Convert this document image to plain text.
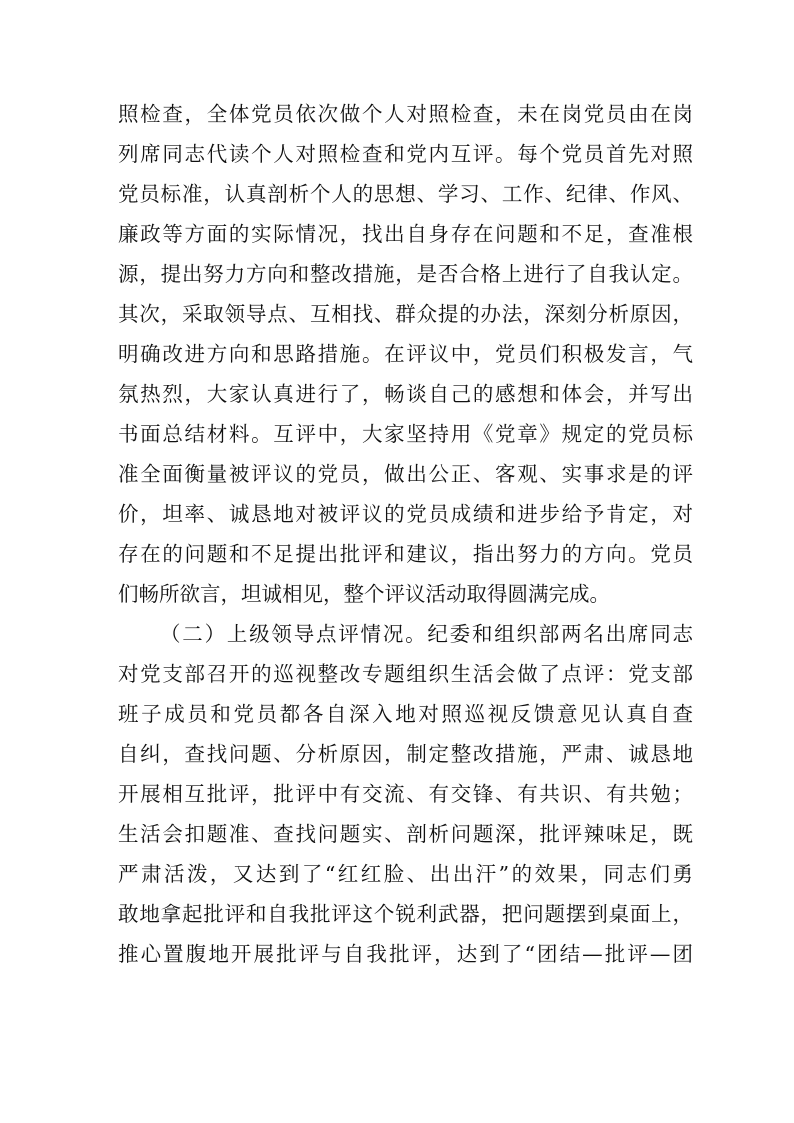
照检查，全体党员依次做个人对照检查，未在岗党员由在岗
列席同志代读个人对照检查和党内互评。每个党员首先对照
党员标准，认真剖析个人的思想、学习、工作、纪律、作风、
廉政等方面的实际情况，找出自身存在问题和不足，查准根
源，提出努力方向和整改措施，是否合格上进行了自我认定。
其次，采取领导点、互相找、群众提的办法，深刻分析原因，
明确改进方向和思路措施。在评议中，党员们积极发言，气
氛热烈，大家认真进行了，畅谈自己的感想和体会，并写出
书面总结材料。互评中，大家坚持用《党章》规定的党员标
准全面衡量被评议的党员，做出公正、客观、实事求是的评
价，坦率、诚恳地对被评议的党员成绩和进步给予肯定，对
存在的问题和不足提出批评和建议，指出努力的方向。党员
们畅所欲言，坦诚相见，整个评议活动取得圆满完成。
（二）上级领导点评情况。纪委和组织部两名出席同志
对党支部召开的巡视整改专题组织生活会做了点评：党支部
班子成员和党员都各自深入地对照巡视反馈意见认真自查
自纠，查找问题、分析原因，制定整改措施，严肃、诚恳地
开展相互批评，批评中有交流、有交锋、有共识、有共勉；
生活会扣题准、查找问题实、剖析问题深，批评辣味足，既
严肃活泼，又达到了“红红脸、出出汗”的效果，同志们勇
敢地拿起批评和自我批评这个锐利武器，把问题摆到桌面上，
推心置腹地开展批评与自我批评，达到了“团结—批评—团
